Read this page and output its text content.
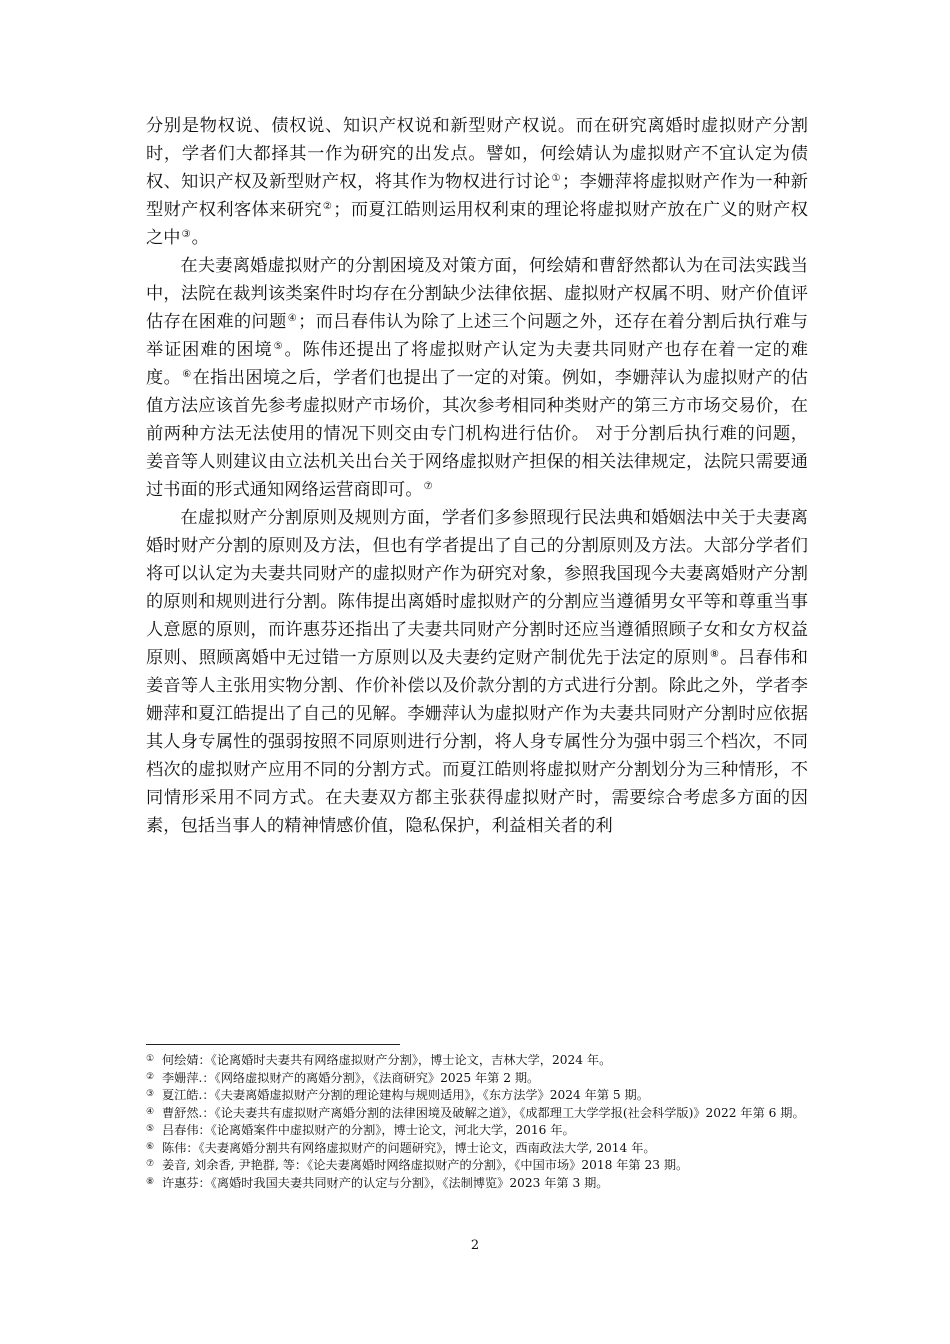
分别是物权说、债权说、知识产权说和新型财产权说。而在研究离婚时虚拟财产分割时，学者们大都择其一作为研究的出发点。譬如，何绘婧认为虚拟财产不宜认定为债权、知识产权及新型财产权，将其作为物权进行讨论①；李姗萍将虚拟财产作为一种新型财产权利客体来研究②；而夏江皓则运用权利束的理论将虚拟财产放在广义的财产权之中③。

在夫妻离婚虚拟财产的分割困境及对策方面，何绘婧和曹舒然都认为在司法实践当中，法院在裁判该类案件时均存在分割缺少法律依据、虚拟财产权属不明、财产价值评估存在困难的问题④；而吕春伟认为除了上述三个问题之外，还存在着分割后执行难与举证困难的困境⑤。陈伟还提出了将虚拟财产认定为夫妻共同财产也存在着一定的难度。⑥在指出困境之后，学者们也提出了一定的对策。例如，李姗萍认为虚拟财产的估值方法应该首先参考虚拟财产市场价，其次参考相同种类财产的第三方市场交易价，在前两种方法无法使用的情况下则交由专门机构进行估价。 对于分割后执行难的问题，姜音等人则建议由立法机关出台关于网络虚拟财产担保的相关法律规定，法院只需要通过书面的形式通知网络运营商即可。⑦

在虚拟财产分割原则及规则方面，学者们多参照现行民法典和婚姻法中关于夫妻离婚时财产分割的原则及方法，但也有学者提出了自己的分割原则及方法。大部分学者们将可以认定为夫妻共同财产的虚拟财产作为研究对象，参照我国现今夫妻离婚财产分割的原则和规则进行分割。陈伟提出离婚时虚拟财产的分割应当遵循男女平等和尊重当事人意愿的原则，而许惠芬还指出了夫妻共同财产分割时还应当遵循照顾子女和女方权益原则、照顾离婚中无过错一方原则以及夫妻约定财产制优先于法定的原则⑧。吕春伟和姜音等人主张用实物分割、作价补偿以及价款分割的方式进行分割。除此之外，学者李姗萍和夏江皓提出了自己的见解。李姗萍认为虚拟财产作为夫妻共同财产分割时应依据其人身专属性的强弱按照不同原则进行分割，将人身专属性分为强中弱三个档次，不同档次的虚拟财产应用不同的分割方式。而夏江皓则将虚拟财产分割划分为三种情形，不同情形采用不同方式。在夫妻双方都主张获得虚拟财产时，需要综合考虑多方面的因素，包括当事人的精神情感价值，隐私保护，利益相关者的利

① 何绘婧：《论离婚时夫妻共有网络虚拟财产分割》，博士论文，吉林大学，2024 年。
② 李姗萍.：《网络虚拟财产的离婚分割》，《法商研究》2025 年第 2 期。
③ 夏江皓.：《夫妻离婚虚拟财产分割的理论建构与规则适用》，《东方法学》2024 年第 5 期。
④ 曹舒然.：《论夫妻共有虚拟财产离婚分割的法律困境及破解之道》，《成都理工大学学报(社会科学版)》2022 年第 6 期。
⑤ 吕春伟：《论离婚案件中虚拟财产的分割》，博士论文，河北大学，2016 年。
⑥ 陈伟：《夫妻离婚分割共有网络虚拟财产的问题研究》，博士论文，西南政法大学, 2014 年。
⑦ 姜音, 刘余香, 尹艳群, 等：《论夫妻离婚时网络虚拟财产的分割》，《中国市场》2018 年第 23 期。
⑧ 许惠芬：《离婚时我国夫妻共同财产的认定与分割》，《法制博览》2023 年第 3 期。
2
